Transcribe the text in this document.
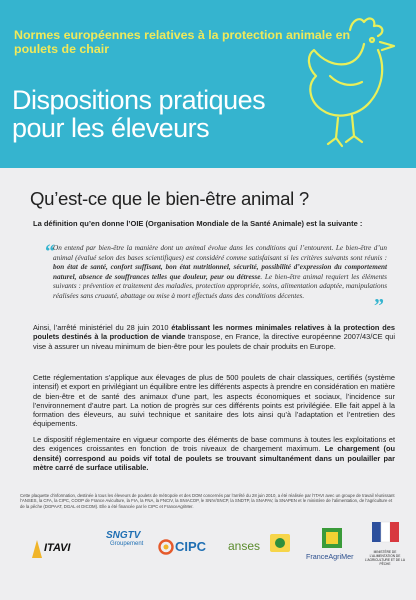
Normes européennes relatives à la protection animale en poulets de chair
Dispositions pratiques pour les éleveurs
Qu’est-ce que le bien-être animal ?
La définition qu’en donne l’OIE (Organisation Mondiale de la Santé Animale) est la suivante :
“
On entend par bien-être la manière dont un animal évolue dans les conditions qui l’entourent. Le bien-être d’un animal (évalué selon des bases scientifiques) est considéré comme satisfaisant si les critères suivants sont réunis : bon état de santé, confort suffisant, bon état nutritionnel, sécurité, possibilité d’expression du comportement naturel, absence de souffrances telles que douleur, peur ou détresse. Le bien-être animal requiert les éléments suivants : prévention et traitement des maladies, protection appropriée, soins, alimentation adaptée, manipulations réalisées sans cruauté, abattage ou mise à mort effectués dans des conditions décentes.	”
Ainsi, l’arrêté ministériel du 28 juin 2010 établissant les normes minimales relatives à la protection des poulets destinés à la production de viande transpose, en France, la directive européenne 2007/43/CE qui vise à assurer un niveau minimum de bien-être pour les poulets de chair produits en Europe.
Cette réglementation s’applique aux élevages de plus de 500 poulets de chair classiques, certifiés (système intensif) et export en privilégiant un équilibre entre les différents aspects à prendre en considération en matière de bien-être et de santé des animaux d’une part, les aspects économiques et sociaux, l’incidence sur l’environnement d’autre part. La notion de progrès sur ces différents points est privilégiée. Elle fait appel à la formation des éleveurs, au suivi technique et sanitaire des lots ainsi qu’à l’adaptation et l’entretien des équipements.
Le dispositif réglementaire en vigueur comporte des éléments de base communs à toutes les exploitations et des exigences croissantes en fonction de trois niveaux de chargement maximum. Le chargement (ou densité) correspond au poids vif total de poulets se trouvant simultanément dans un poulailler par mètre carré de surface utilisable.
Cette plaquette d’information, destinée à tous les éleveurs de poulets de métropole et des DOM concernés par l’arrêté du 28 juin 2010, a été réalisée par l’ITAVI avec un groupe de travail réunissant l’ANSES, la CFA, la CIPC, COOP de France Aviculture, la FIA, la FNA, la FNCIV, la SNIACOP, le SNIV/SNCP, la SNDTP, la SNAPAV, la SNAPEN et le ministère de l’alimentation, de l’agriculture et de la pêche (DGPAAT, DGAL et DICOM). Elle a été financée par le CIPC et FranceAgriMer.
ITAVI
SNGTV
Groupement CIPC anses
FranceAgriMer	MINISTÈRE DE L’ALIMENTATION DE L’AGRICULTURE ET DE LA PÊCHE
